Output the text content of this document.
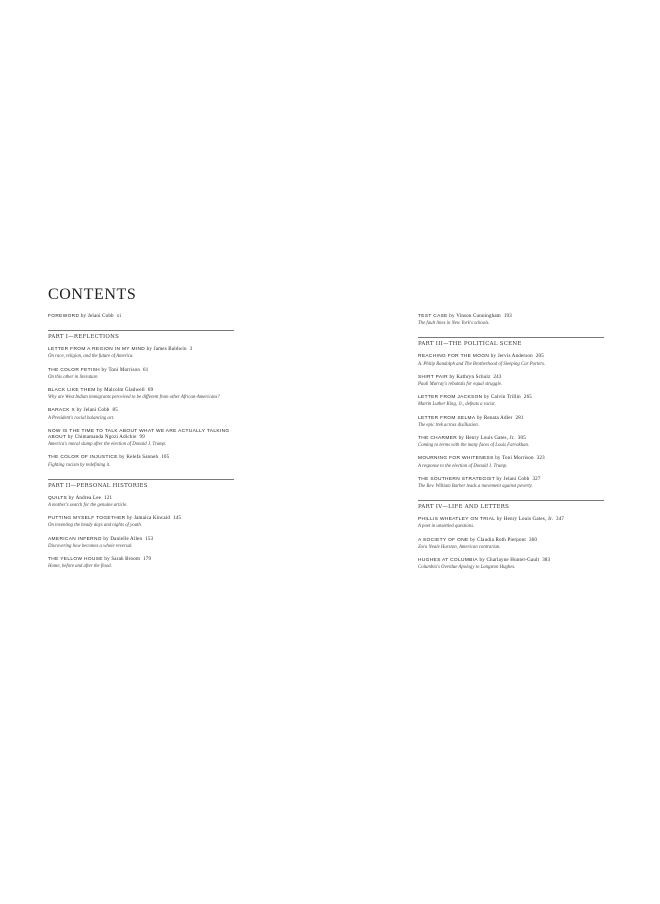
CONTENTS
FOREWORD by Jelani Cobb xi
PART I—REFLECTIONS
LETTER FROM A REGION IN MY MIND by James Baldwin 3
On race, religion, and the future of America.
THE COLOR FETISH by Toni Morrison 61
On this other in literature.
BLACK LIKE THEM by Malcolm Gladwell 69
Why are West Indian immigrants perceived to be different from other African-Americans?
BARACK X by Jelani Cobb 85
A President's racial balancing act.
NOW IS THE TIME TO TALK ABOUT WHAT WE ARE ACTUALLY TALKING ABOUT by Chimamanda Ngozi Adichie 99
America's moral slump after the election of Donald J. Trump.
THE COLOR OF INJUSTICE by Kelefa Sanneh 105
Fighting racism by redefining it.
PART II—PERSONAL HISTORIES
QUILTS by Andrea Lee 121
A mother's search for the genuine article.
PUTTING MYSELF TOGETHER by Jamaica Kincaid 145
On inventing the heady days and nights of youth.
AMERICAN INFERNO by Danielle Allen 153
Discovering how becomes a whole reversal.
THE YELLOW HOUSE by Sarah Broom 179
Home, before and after the flood.
TEST CASE by Vinson Cunningham 193
The fault lines in New York's schools.
PART III—THE POLITICAL SCENE
REACHING FOR THE MOON by Jervis Anderson 205
A. Philip Randolph and The Brotherhood of Sleeping Car Porters.
SHIRT PAIR by Kathryn Schulz 243
Pauli Murray's rebuttals for equal struggle.
LETTER FROM JACKSON by Calvin Trillin 265
Martin Luther King, Jr., defeats a racist.
LETTER FROM SELMA by Renata Adler 281
The epic trek across disillusion.
THE CHARMER by Henry Louis Gates, Jr. 305
Coming to terms with the many faces of Louis Farrakhan.
MOURNING FOR WHITENESS by Toni Morrison 323
A response to the election of Donald J. Trump.
THE SOUTHERN STRATEGIST by Jelani Cobb 327
The Rev. William Barber leads a movement against poverty.
PART IV—LIFE AND LETTERS
PHILLIS WHEATLEY ON TRIAL by Henry Louis Gates, Jr. 347
A poet in unsettled questions.
A SOCIETY OF ONE by Claudia Roth Pierpont 360
Zora Neale Hurston, American contrarian.
HUGHES AT COLUMBIA by Charlayne Hunter-Gault 383
Columbia's Overdue Apology to Langston Hughes.
